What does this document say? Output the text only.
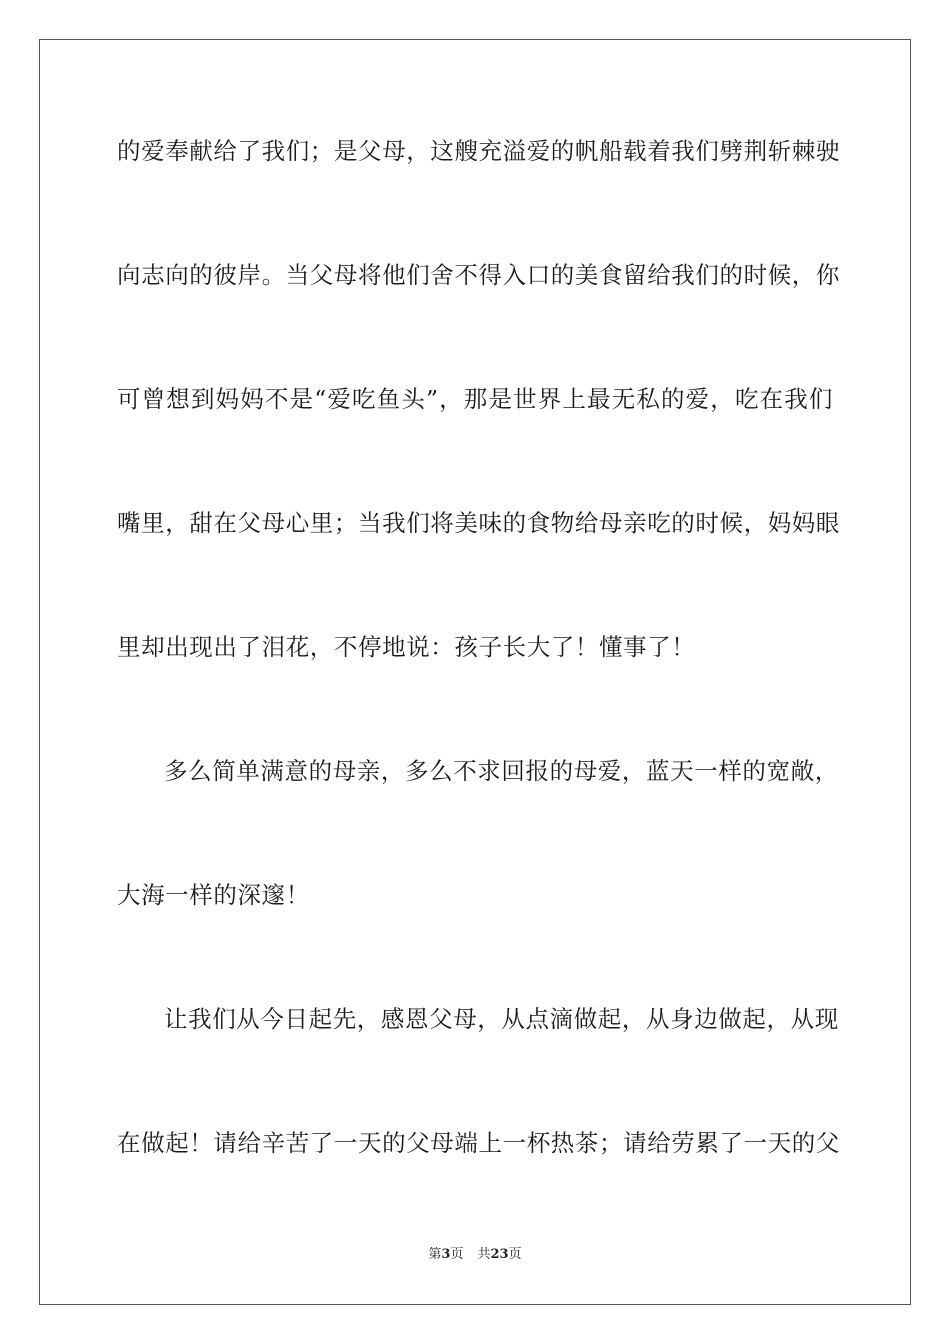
的爱奉献给了我们；是父母，这艘充溢爱的帆船载着我们劈荆斩棘驶

向志向的彼岸。当父母将他们舍不得入口的美食留给我们的时候，你

可曾想到妈妈不是“爱吃鱼头”，那是世界上最无私的爱，吃在我们

嘴里，甜在父母心里；当我们将美味的食物给母亲吃的时候，妈妈眼

里却出现出了泪花，不停地说：孩子长大了！懂事了！

多么简单满意的母亲，多么不求回报的母爱，蓝天一样的宽敞，

大海一样的深邃！

让我们从今日起先，感恩父母，从点滴做起，从身边做起，从现

在做起！请给辛苦了一天的父母端上一杯热茶；请给劳累了一天的父

第3页 共23页
